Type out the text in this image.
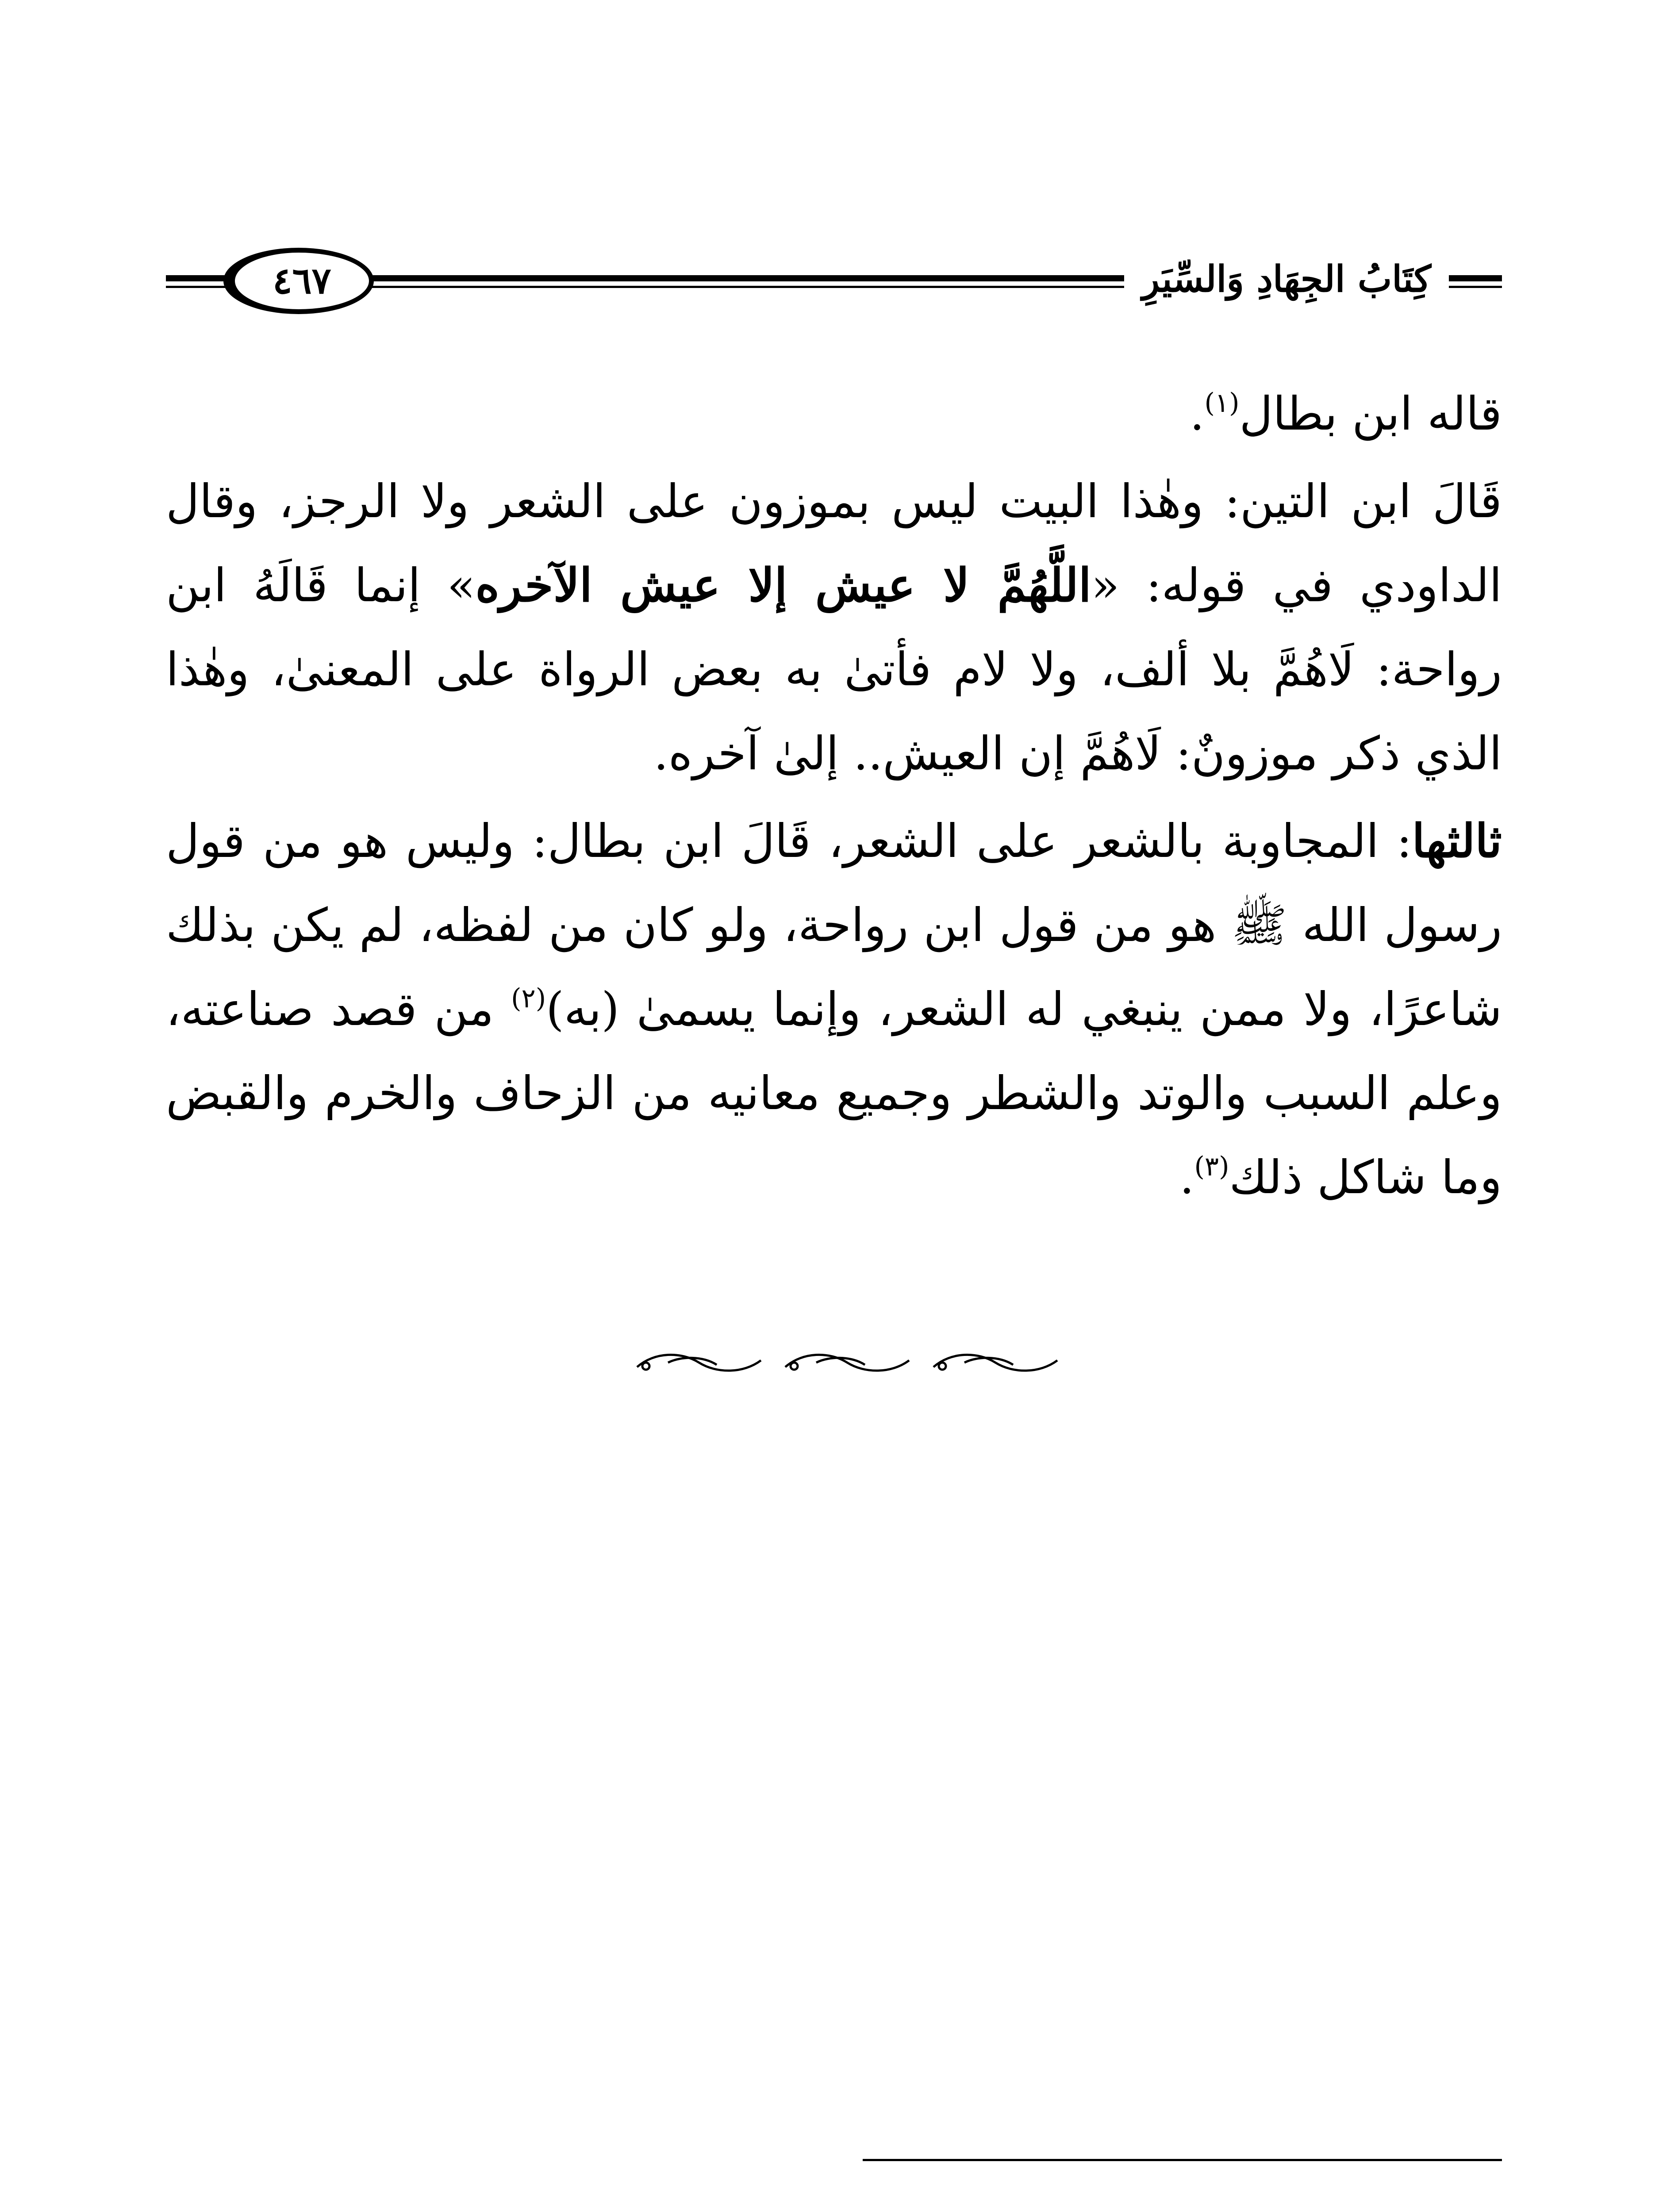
كِتَابُ الجِهَادِ وَالسِّيَرِ
٤٦٧

قاله ابن بطال$^{(١)}$.

قَالَ ابن التين: وهٰذا البيت ليس بموزون على الشعر ولا الرجز، وقال الداودي في قوله: «اللَّهُمَّ لا عيش إلا عيش الآخره» إنما قَالَهُ ابن رواحة: لَاهُمَّ بلا ألف، ولا لام فأتىٰ به بعض الرواة على المعنىٰ، وهٰذا الذي ذكر موزونٌ: لَاهُمَّ إن العيش.. إلىٰ آخره.

ثالثها: المجاوبة بالشعر على الشعر، قَالَ ابن بطال: وليس هو من قول رسول الله ﷺ هو من قول ابن رواحة، ولو كان من لفظه، لم يكن بذلك شاعرًا، ولا ممن ينبغي له الشعر، وإنما يسمىٰ (به)$^{(٢)}$ من قصد صناعته، وعلم السبب والوتد والشطر وجميع معانيه من الزحاف والخرم والقبض وما شاكل ذلك$^{(٣)}$.
